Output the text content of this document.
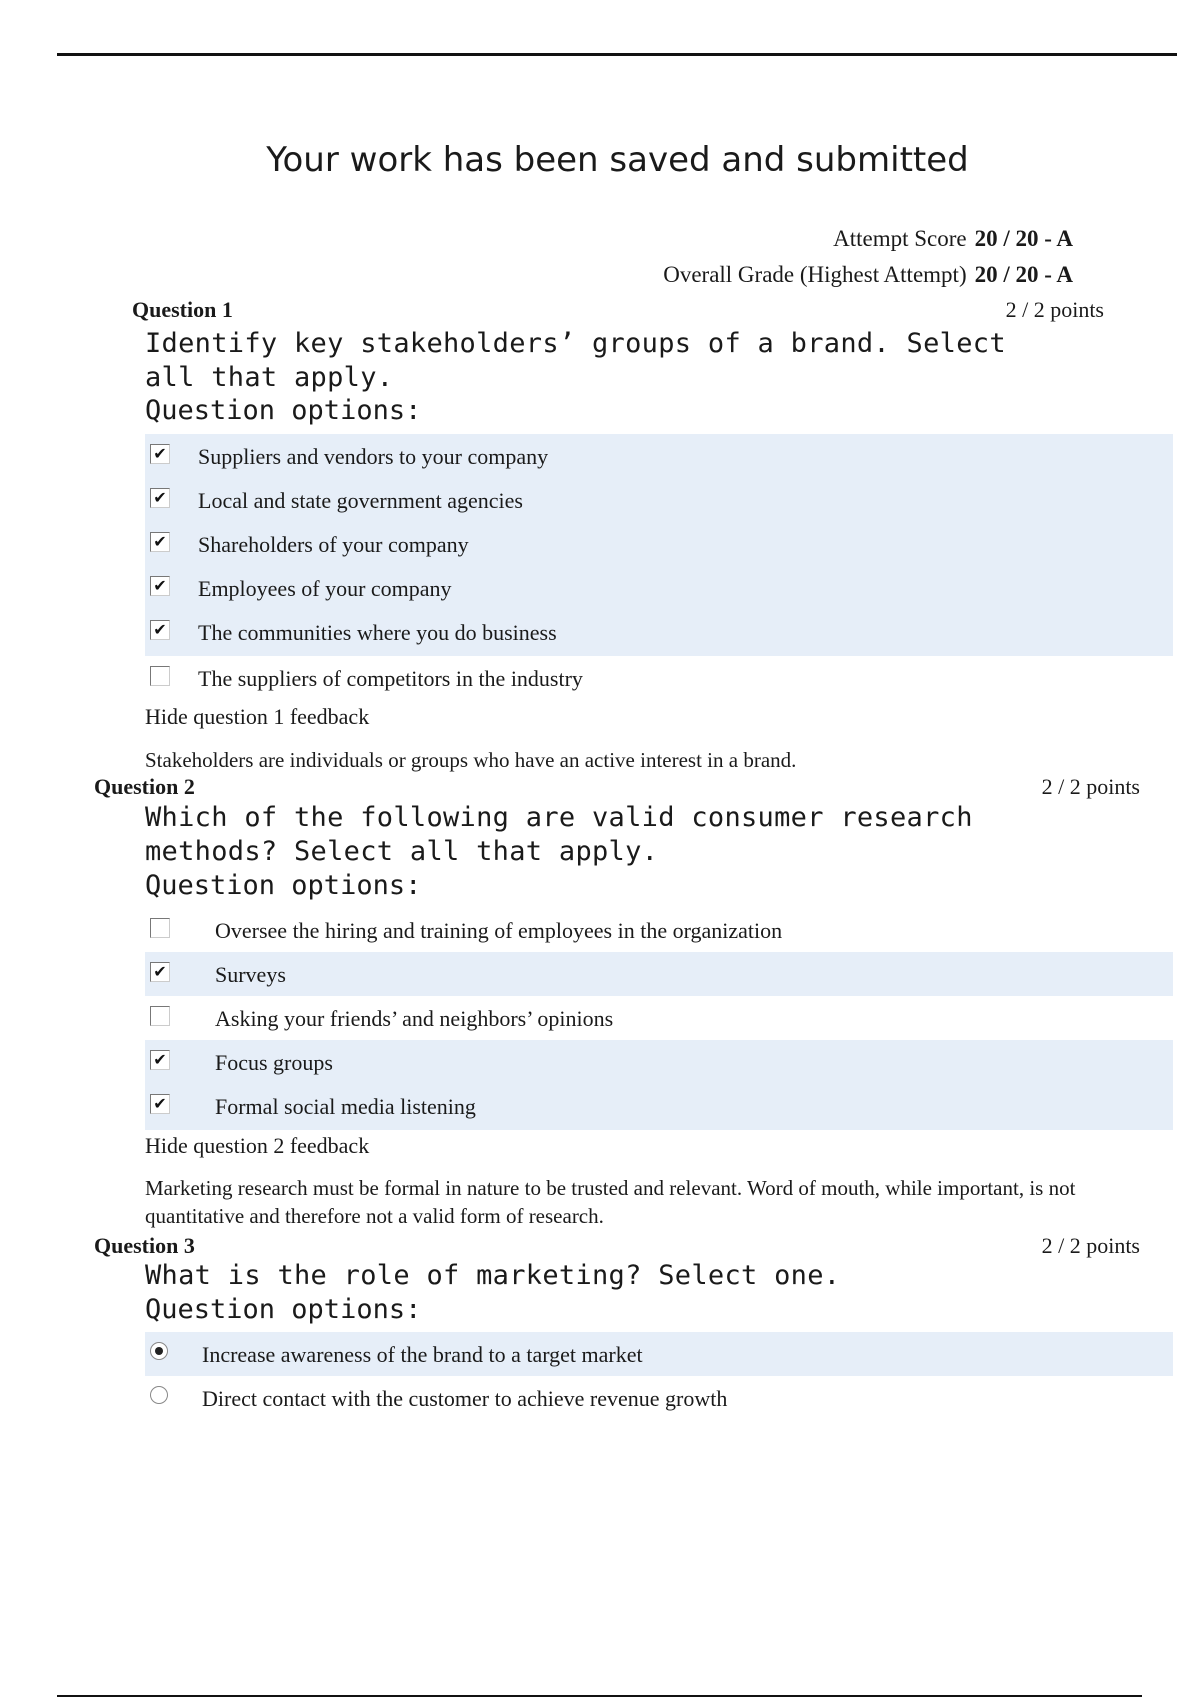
Your work has been saved and submitted
Attempt Score 20 / 20 - A
Overall Grade (Highest Attempt) 20 / 20 - A
Question 1	2 / 2 points
Identify key stakeholders’ groups of a brand. Select all that apply.
Question options:
✔ Suppliers and vendors to your company
✔ Local and state government agencies
✔ Shareholders of your company
✔ Employees of your company
✔ The communities where you do business
The suppliers of competitors in the industry
Hide question 1 feedback
Stakeholders are individuals or groups who have an active interest in a brand.
Question 2	2 / 2 points
Which of the following are valid consumer research methods? Select all that apply.
Question options:
Oversee the hiring and training of employees in the organization
✔ Surveys
Asking your friends’ and neighbors’ opinions
✔ Focus groups
✔ Formal social media listening
Hide question 2 feedback
Marketing research must be formal in nature to be trusted and relevant. Word of mouth, while important, is not quantitative and therefore not a valid form of research.
Question 3	2 / 2 points
What is the role of marketing? Select one.
Question options:
Increase awareness of the brand to a target market
Direct contact with the customer to achieve revenue growth
